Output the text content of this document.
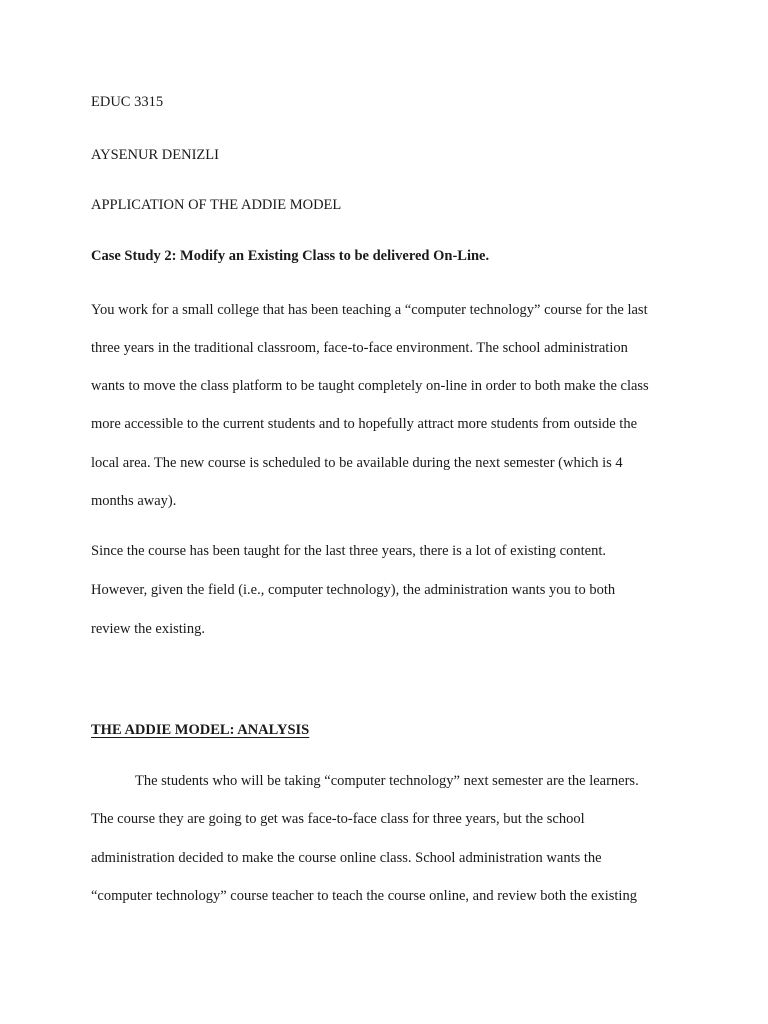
EDUC 3315
AYSENUR DENIZLI
APPLICATION OF THE ADDIE MODEL
Case Study 2: Modify an Existing Class to be delivered On-Line.
You work for a small college that has been teaching a “computer technology” course for the last
three years in the traditional classroom, face-to-face environment. The school administration
wants to move the class platform to be taught completely on-line in order to both make the class
more accessible to the current students and to hopefully attract more students from outside the
local area. The new course is scheduled to be available during the next semester (which is 4
months away).
Since the course has been taught for the last three years, there is a lot of existing content.
However, given the field (i.e., computer technology), the administration wants you to both
review the existing.
THE ADDIE MODEL: ANALYSIS
The students who will be taking “computer technology” next semester are the learners.
The course they are going to get was face-to-face class for three years, but the school
administration decided to make the course online class. School administration wants the
“computer technology” course teacher to teach the course online, and review both the existing
